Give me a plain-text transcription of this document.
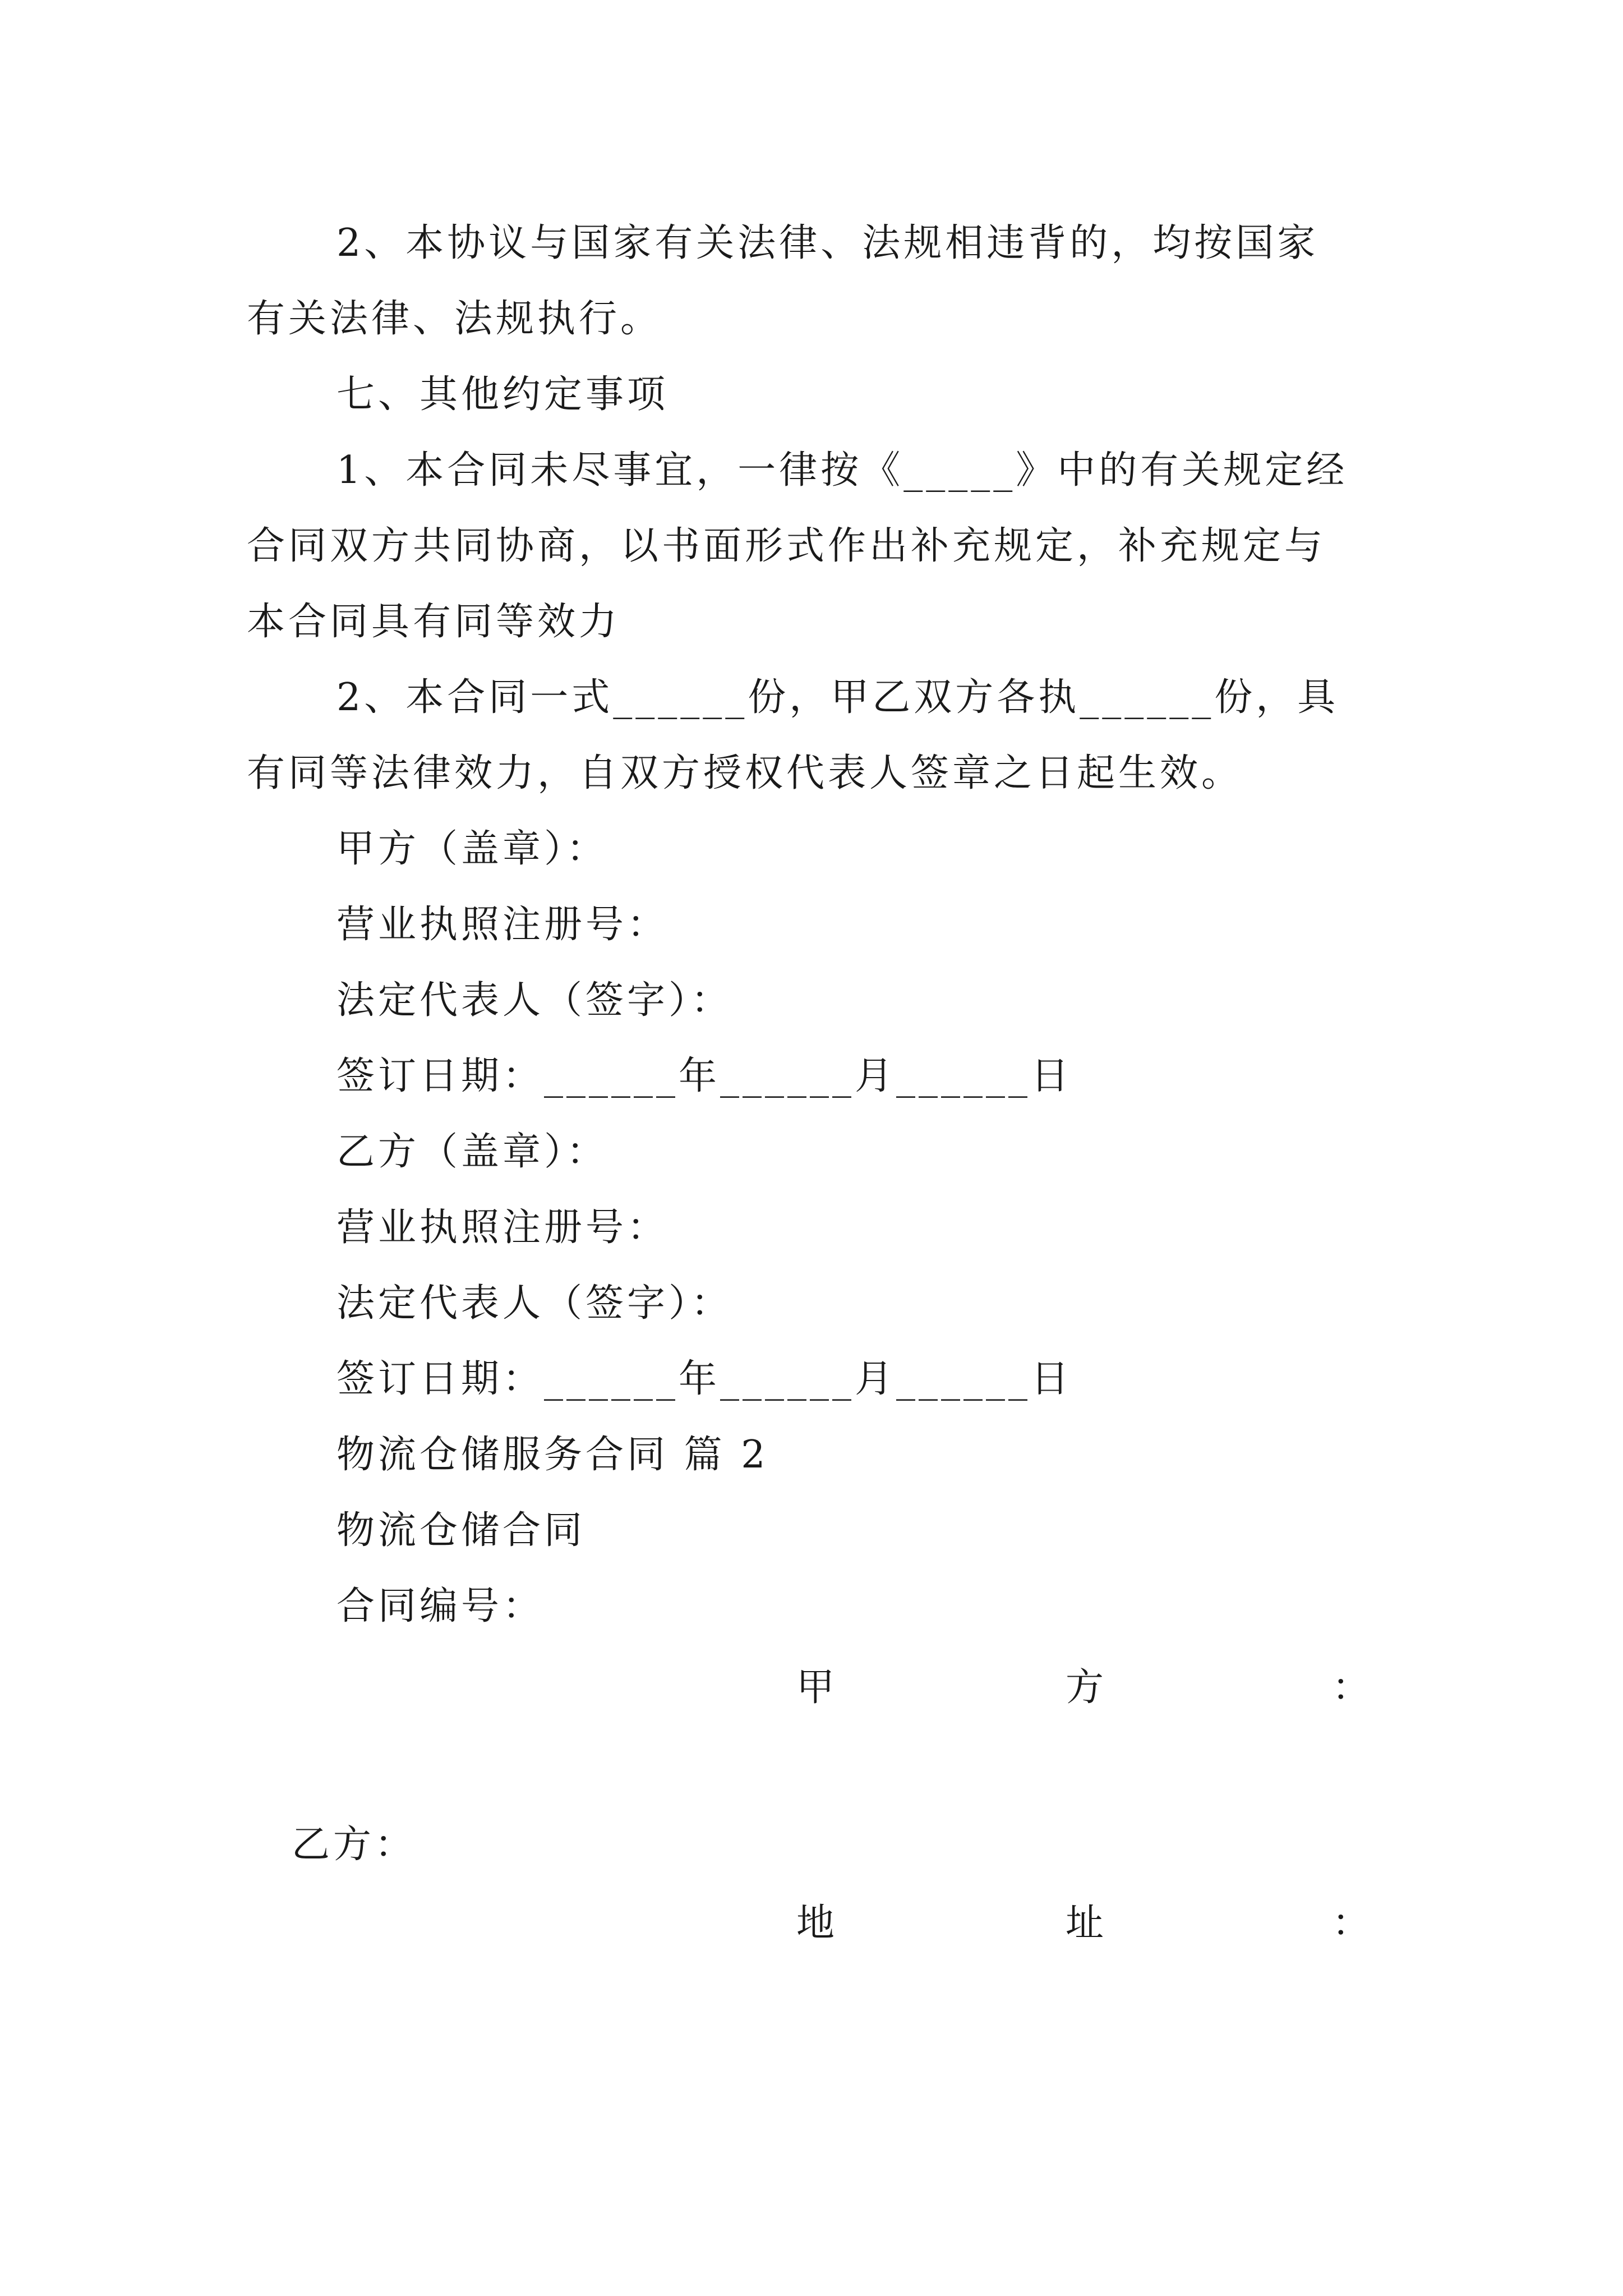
2、本协议与国家有关法律、法规相违背的，均按国家
有关法律、法规执行。
七、其他约定事项
1、本合同未尽事宜，一律按《_____》中的有关规定经
合同双方共同协商，以书面形式作出补充规定，补充规定与
本合同具有同等效力
2、本合同一式______份，甲乙双方各执______份，具
有同等法律效力，自双方授权代表人签章之日起生效。
甲方（盖章）：
营业执照注册号：
法定代表人（签字）：
签订日期：______年______月______日
乙方（盖章）：
营业执照注册号：
法定代表人（签字）：
签订日期：______年______月______日
物流仓储服务合同 篇 2
物流仓储合同
合同编号：

甲

	方

	：

乙方：

地

	址

	：
